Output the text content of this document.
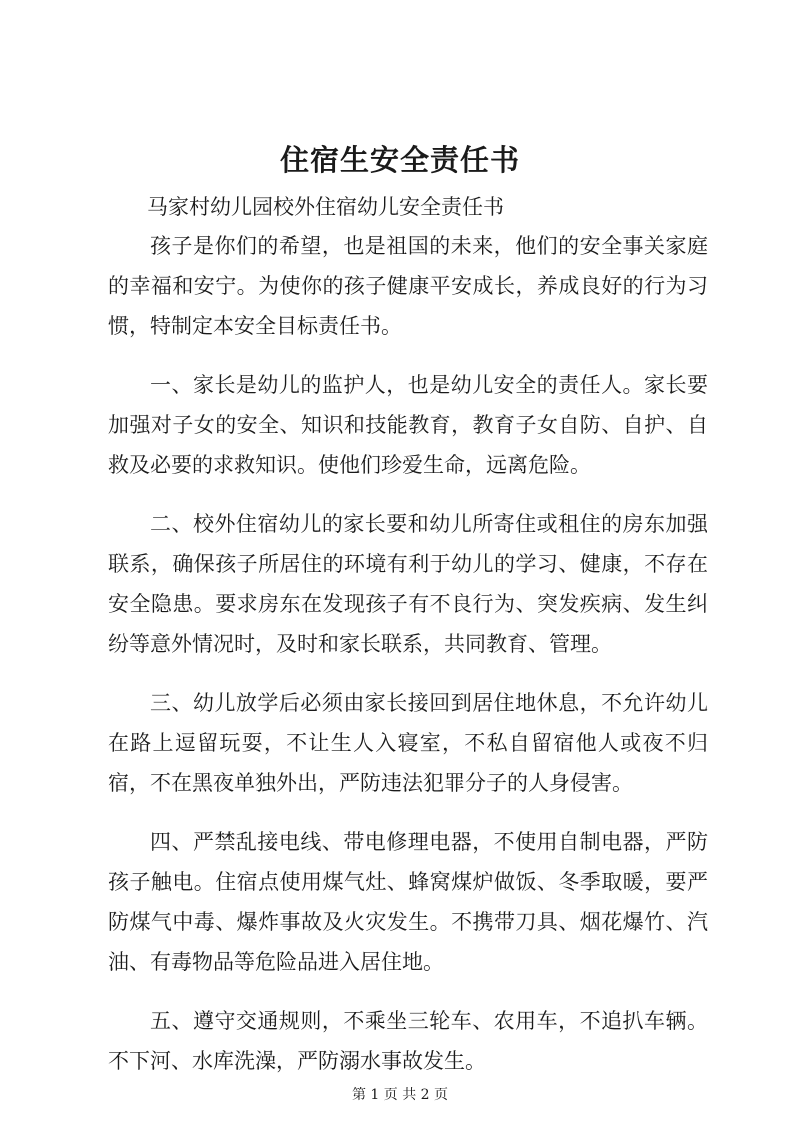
住宿生安全责任书
马家村幼儿园校外住宿幼儿安全责任书

孩子是你们的希望，也是祖国的未来，他们的安全事关家庭的幸福和安宁。为使你的孩子健康平安成长，养成良好的行为习惯，特制定本安全目标责任书。

一、家长是幼儿的监护人，也是幼儿安全的责任人。家长要加强对子女的安全、知识和技能教育，教育子女自防、自护、自救及必要的求救知识。使他们珍爱生命，远离危险。

二、校外住宿幼儿的家长要和幼儿所寄住或租住的房东加强联系，确保孩子所居住的环境有利于幼儿的学习、健康，不存在安全隐患。要求房东在发现孩子有不良行为、突发疾病、发生纠纷等意外情况时，及时和家长联系，共同教育、管理。

三、幼儿放学后必须由家长接回到居住地休息，不允许幼儿在路上逗留玩耍，不让生人入寝室，不私自留宿他人或夜不归宿，不在黑夜单独外出，严防违法犯罪分子的人身侵害。

四、严禁乱接电线、带电修理电器，不使用自制电器，严防孩子触电。住宿点使用煤气灶、蜂窝煤炉做饭、冬季取暖，要严防煤气中毒、爆炸事故及火灾发生。不携带刀具、烟花爆竹、汽油、有毒物品等危险品进入居住地。

五、遵守交通规则，不乘坐三轮车、农用车，不追扒车辆。不下河、水库洗澡，严防溺水事故发生。

第 1 页 共 2 页
